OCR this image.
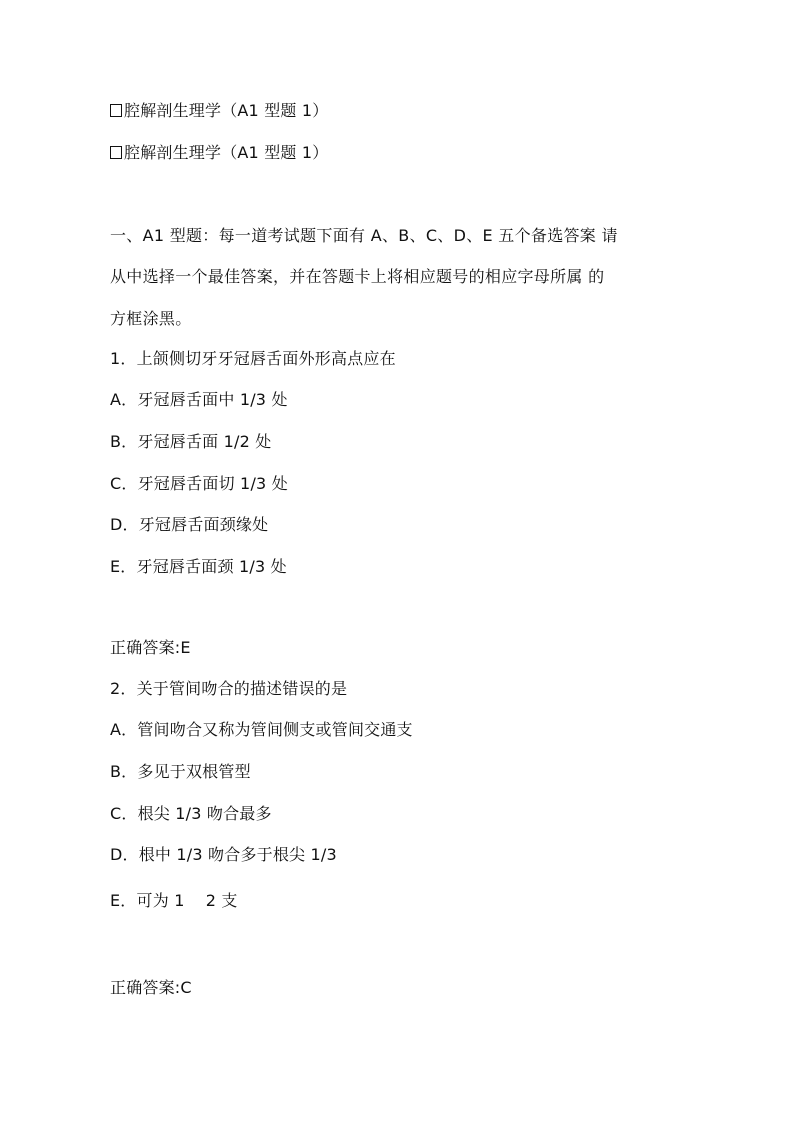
腔解剖生理学（A1 型题 1）
腔解剖生理学（A1 型题 1）
一、A1 型题：每一道考试题下面有 A、B、C、D、E 五个备选答案 请
从中选择一个最佳答案，并在答题卡上将相应题号的相应字母所属 的
方框涂黑。
1．上颌侧切牙牙冠唇舌面外形高点应在
A．牙冠唇舌面中 1/3 处
B．牙冠唇舌面 1/2 处
C．牙冠唇舌面切 1/3 处
D．牙冠唇舌面颈缘处
E．牙冠唇舌面颈 1/3 处
正确答案:E
2．关于管间吻合的描述错误的是
A．管间吻合又称为管间侧支或管间交通支
B．多见于双根管型
C．根尖 1/3 吻合最多
D．根中 1/3 吻合多于根尖 1/3
E．可为 1    2 支
正确答案:C
